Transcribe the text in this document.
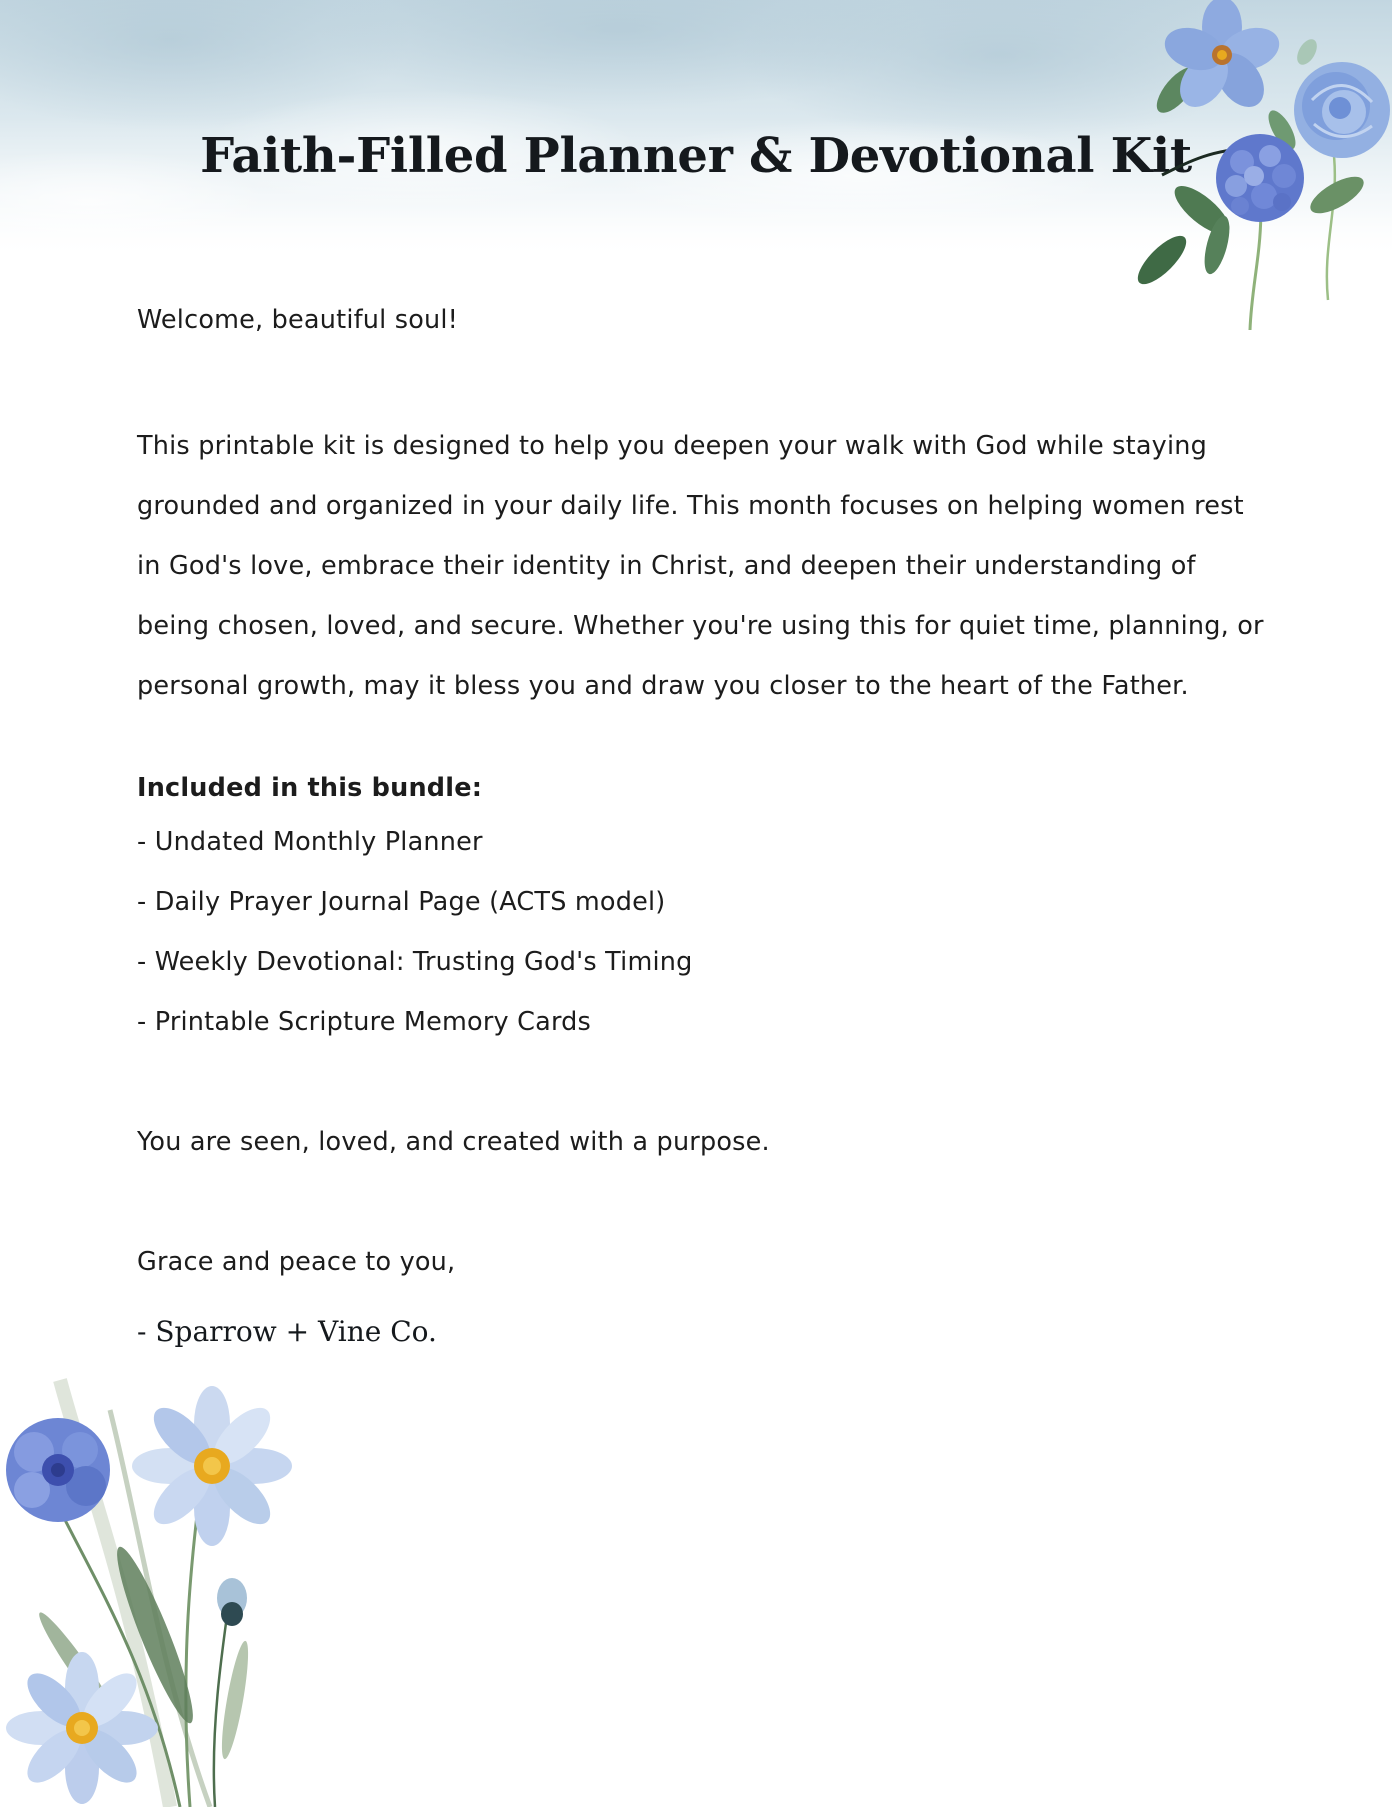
Faith-Filled Planner & Devotional Kit

Welcome, beautiful soul!

This printable kit is designed to help you deepen your walk with God while staying

grounded and organized in your daily life. This month focuses on helping women rest

in God's love, embrace their identity in Christ, and deepen their understanding of

being chosen, loved, and secure. Whether you're using this for quiet time, planning, or

personal growth, may it bless you and draw you closer to the heart of the Father.

Included in this bundle:

- Undated Monthly Planner
- Daily Prayer Journal Page (ACTS model)
- Weekly Devotional: Trusting God's Timing
- Printable Scripture Memory Cards

You are seen, loved, and created with a purpose.

Grace and peace to you,

- Sparrow + Vine Co.
